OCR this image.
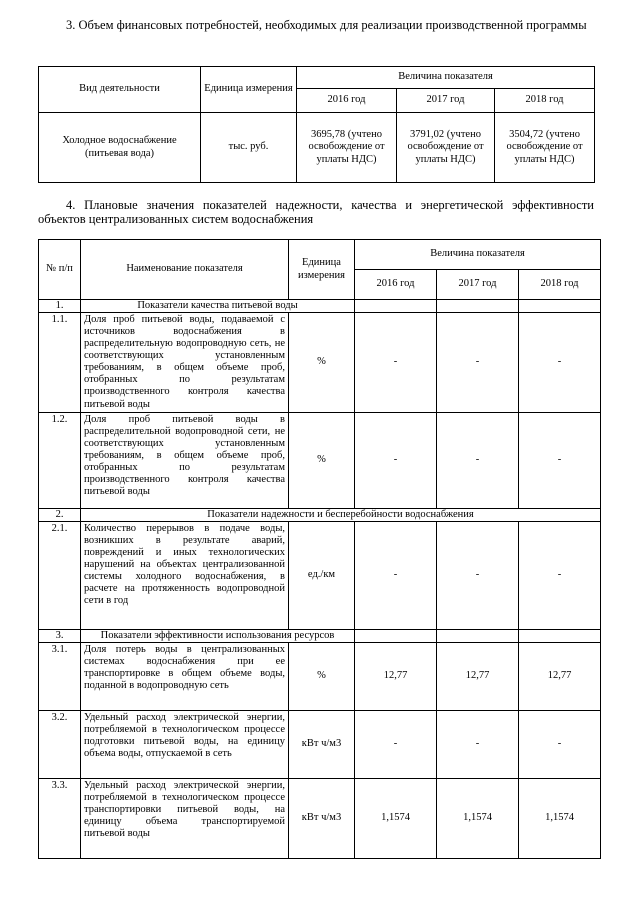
3. Объем финансовых потребностей, необходимых для реализации производственной программы
Вид деятельности	Единица измерения	Величина показателя		
		2016 год	2017 год	2018 год
Холодное водоснабжение (питьевая вода)	тыс. руб.	3695,78 (учтено освобождение от уплаты НДС)	3791,02 (учтено освобождение от уплаты НДС)	3504,72 (учтено освобождение от уплаты НДС)
4. Плановые значения показателей надежности, качества и энергетической эффективности объектов централизованных систем водоснабжения
№ п/п	Наименование показателя	Единица измерения	Величина показателя		
			2016 год	2017 год	2018 год
1.	Показатели качества питьевой воды				
1.1.	Доля проб питьевой воды, подаваемой с источников водоснабжения в распределительную водопроводную сеть, не соответствующих установленным требованиям, в общем объеме проб, отобранных по результатам производственного контроля качества питьевой воды	%	-	-	-
1.2.	Доля проб питьевой воды в распределительной водопроводной сети, не соответствующих установленным требованиям, в общем объеме проб, отобранных по результатам производственного контроля качества питьевой воды	%	-	-	-
2.	Показатели надежности и бесперебойности водоснабжения				
2.1.	Количество перерывов в подаче воды, возникших в результате аварий, повреждений и иных технологических нарушений на объектах централизованной системы холодного водоснабжения, в расчете на протяженность водопроводной сети в год	ед./км	-	-	-
3.	Показатели эффективности использования ресурсов				
3.1.	Доля потерь воды в централизованных системах водоснабжения при ее транспортировке в общем объеме воды, поданной в водопроводную сеть	%	12,77	12,77	12,77
3.2.	Удельный расход электрической энергии, потребляемой в технологическом процессе подготовки питьевой воды, на единицу объема воды, отпускаемой в сеть	кВт ч/м3	-	-	-
3.3.	Удельный расход электрической энергии, потребляемой в технологическом процессе транспортировки питьевой воды, на единицу объема транспортируемой питьевой воды	кВт ч/м3	1,1574	1,1574	1,1574
